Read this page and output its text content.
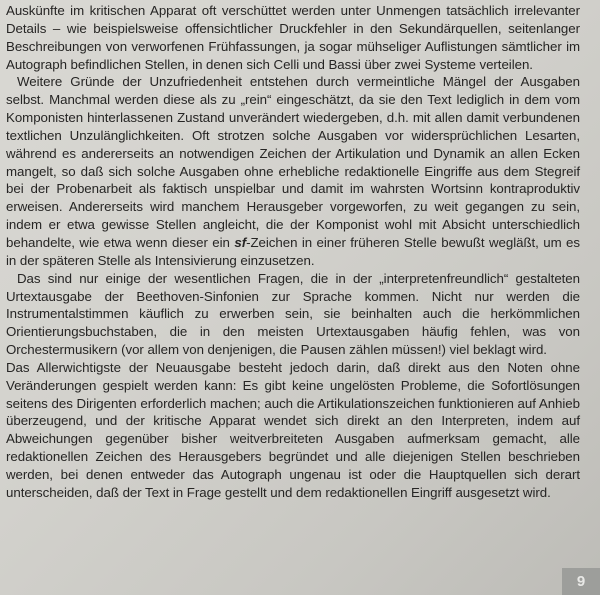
Auskünfte im kritischen Apparat oft verschüttet werden unter Unmengen tatsächlich irrelevanter Details – wie beispielsweise offensichtlicher Druckfehler in den Sekundärquellen, seitenlanger Beschreibungen von verworfenen Frühfassungen, ja sogar mühseliger Auflistungen sämtlicher im Autograph befindlichen Stellen, in denen sich Celli und Bassi über zwei Systeme verteilen.

Weitere Gründe der Unzufriedenheit entstehen durch vermeintliche Mängel der Ausgaben selbst. Manchmal werden diese als zu „rein“ eingeschätzt, da sie den Text lediglich in dem vom Komponisten hinterlassenen Zustand unverändert wiedergeben, d.h. mit allen damit verbundenen textlichen Unzulänglichkeiten. Oft strotzen solche Ausgaben vor widersprüchlichen Lesarten, während es andererseits an notwendigen Zeichen der Artikulation und Dynamik an allen Ecken mangelt, so daß sich solche Ausgaben ohne erhebliche redaktionelle Eingriffe aus dem Stegreif bei der Probenarbeit als faktisch unspielbar und damit im wahrsten Wortsinn kontraproduktiv erweisen. Andererseits wird manchem Herausgeber vorgeworfen, zu weit gegangen zu sein, indem er etwa gewisse Stellen angleicht, die der Komponist wohl mit Absicht unterschiedlich behandelte, wie etwa wenn dieser ein sf-Zeichen in einer früheren Stelle bewußt wegläßt, um es in der späteren Stelle als Intensivierung einzusetzen.

Das sind nur einige der wesentlichen Fragen, die in der „interpretenfreundlich“ gestalteten Urtextausgabe der Beethoven-Sinfonien zur Sprache kommen. Nicht nur werden die Instrumentalstimmen käuflich zu erwerben sein, sie beinhalten auch die herkömmlichen Orientierungsbuchstaben, die in den meisten Urtextausgaben häufig fehlen, was von Orchestermusikern (vor allem von denjenigen, die Pausen zählen müssen!) viel beklagt wird.

Das Allerwichtigste der Neuausgabe besteht jedoch darin, daß direkt aus den Noten ohne Veränderungen gespielt werden kann: Es gibt keine ungelösten Probleme, die Sofortlösungen seitens des Dirigenten erforderlich machen; auch die Artikulationszeichen funktionieren auf Anhieb überzeugend, und der kritische Apparat wendet sich direkt an den Interpreten, indem auf Abweichungen gegenüber bisher weitverbreiteten Ausgaben aufmerksam gemacht, alle redaktionellen Zeichen des Herausgebers begründet und alle diejenigen Stellen beschrieben werden, bei denen entweder das Autograph ungenau ist oder die Hauptquellen sich derart unterscheiden, daß der Text in Frage gestellt und dem redaktionellen Eingriff ausgesetzt wird.

9
